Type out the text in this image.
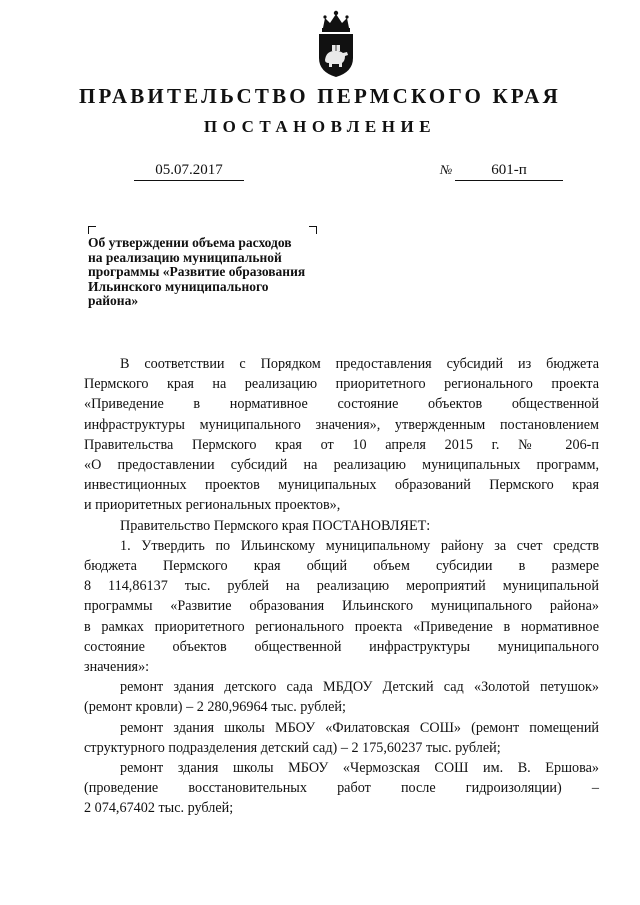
ПРАВИТЕЛЬСТВО ПЕРМСКОГО КРАЯ
ПОСТАНОВЛЕНИЕ
05.07.2017	№	601-п
Об утверждении объема расходов
на реализацию муниципальной
программы «Развитие образования
Ильинского муниципального
района»
В соответствии с Порядком предоставления субсидий из бюджета
Пермского края на реализацию приоритетного регионального проекта
«Приведение в нормативное состояние объектов общественной
инфраструктуры муниципального значения», утвержденным постановлением
Правительства Пермского края от 10 апреля 2015 г. № 206-п
«О предоставлении субсидий на реализацию муниципальных программ,
инвестиционных проектов муниципальных образований Пермского края
и приоритетных региональных проектов»,
Правительство Пермского края ПОСТАНОВЛЯЕТ:
1. Утвердить по Ильинскому муниципальному району за счет средств
бюджета Пермского края общий объем субсидии в размере
8 114,86137 тыс. рублей на реализацию мероприятий муниципальной
программы «Развитие образования Ильинского муниципального района»
в рамках приоритетного регионального проекта «Приведение в нормативное
состояние объектов общественной инфраструктуры муниципального
значения»:
ремонт здания детского сада МБДОУ Детский сад «Золотой петушок»
(ремонт кровли) – 2 280,96964 тыс. рублей;
ремонт здания школы МБОУ «Филатовская СОШ» (ремонт помещений
структурного подразделения детский сад) – 2 175,60237 тыс. рублей;
ремонт здания школы МБОУ «Чермозская СОШ им. В. Ершова»
(проведение восстановительных работ после гидроизоляции) –
2 074,67402 тыс. рублей;
